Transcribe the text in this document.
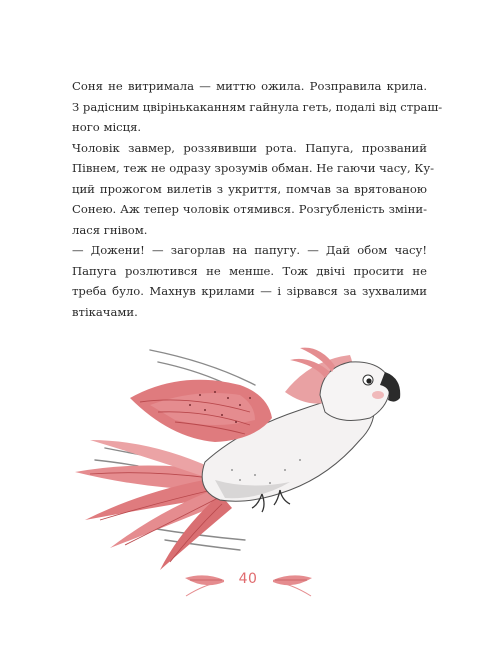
Соня не витримала — миттю ожила. Розправила крила.
З радісним цвірінькаканням гайнула геть, подалі від страш-
ного місця.
Чоловік завмер, роззявивши рота. Папуга, прозваний
Півнем, теж не одразу зрозумів обман. Не гаючи часу, Ку-
ций прожогом вилетів з укриття, помчав за врятованою
Сонею. Аж тепер чоловік отямився. Розгубленість зміни-
лася гнівом.
— Дожени! — загорлав на папугу. — Дай обом часу!
Папуга розлютився не менше. Тож двічі просити не
треба було. Махнув крилами — і зірвався за зухвалими
втікачами.
40
